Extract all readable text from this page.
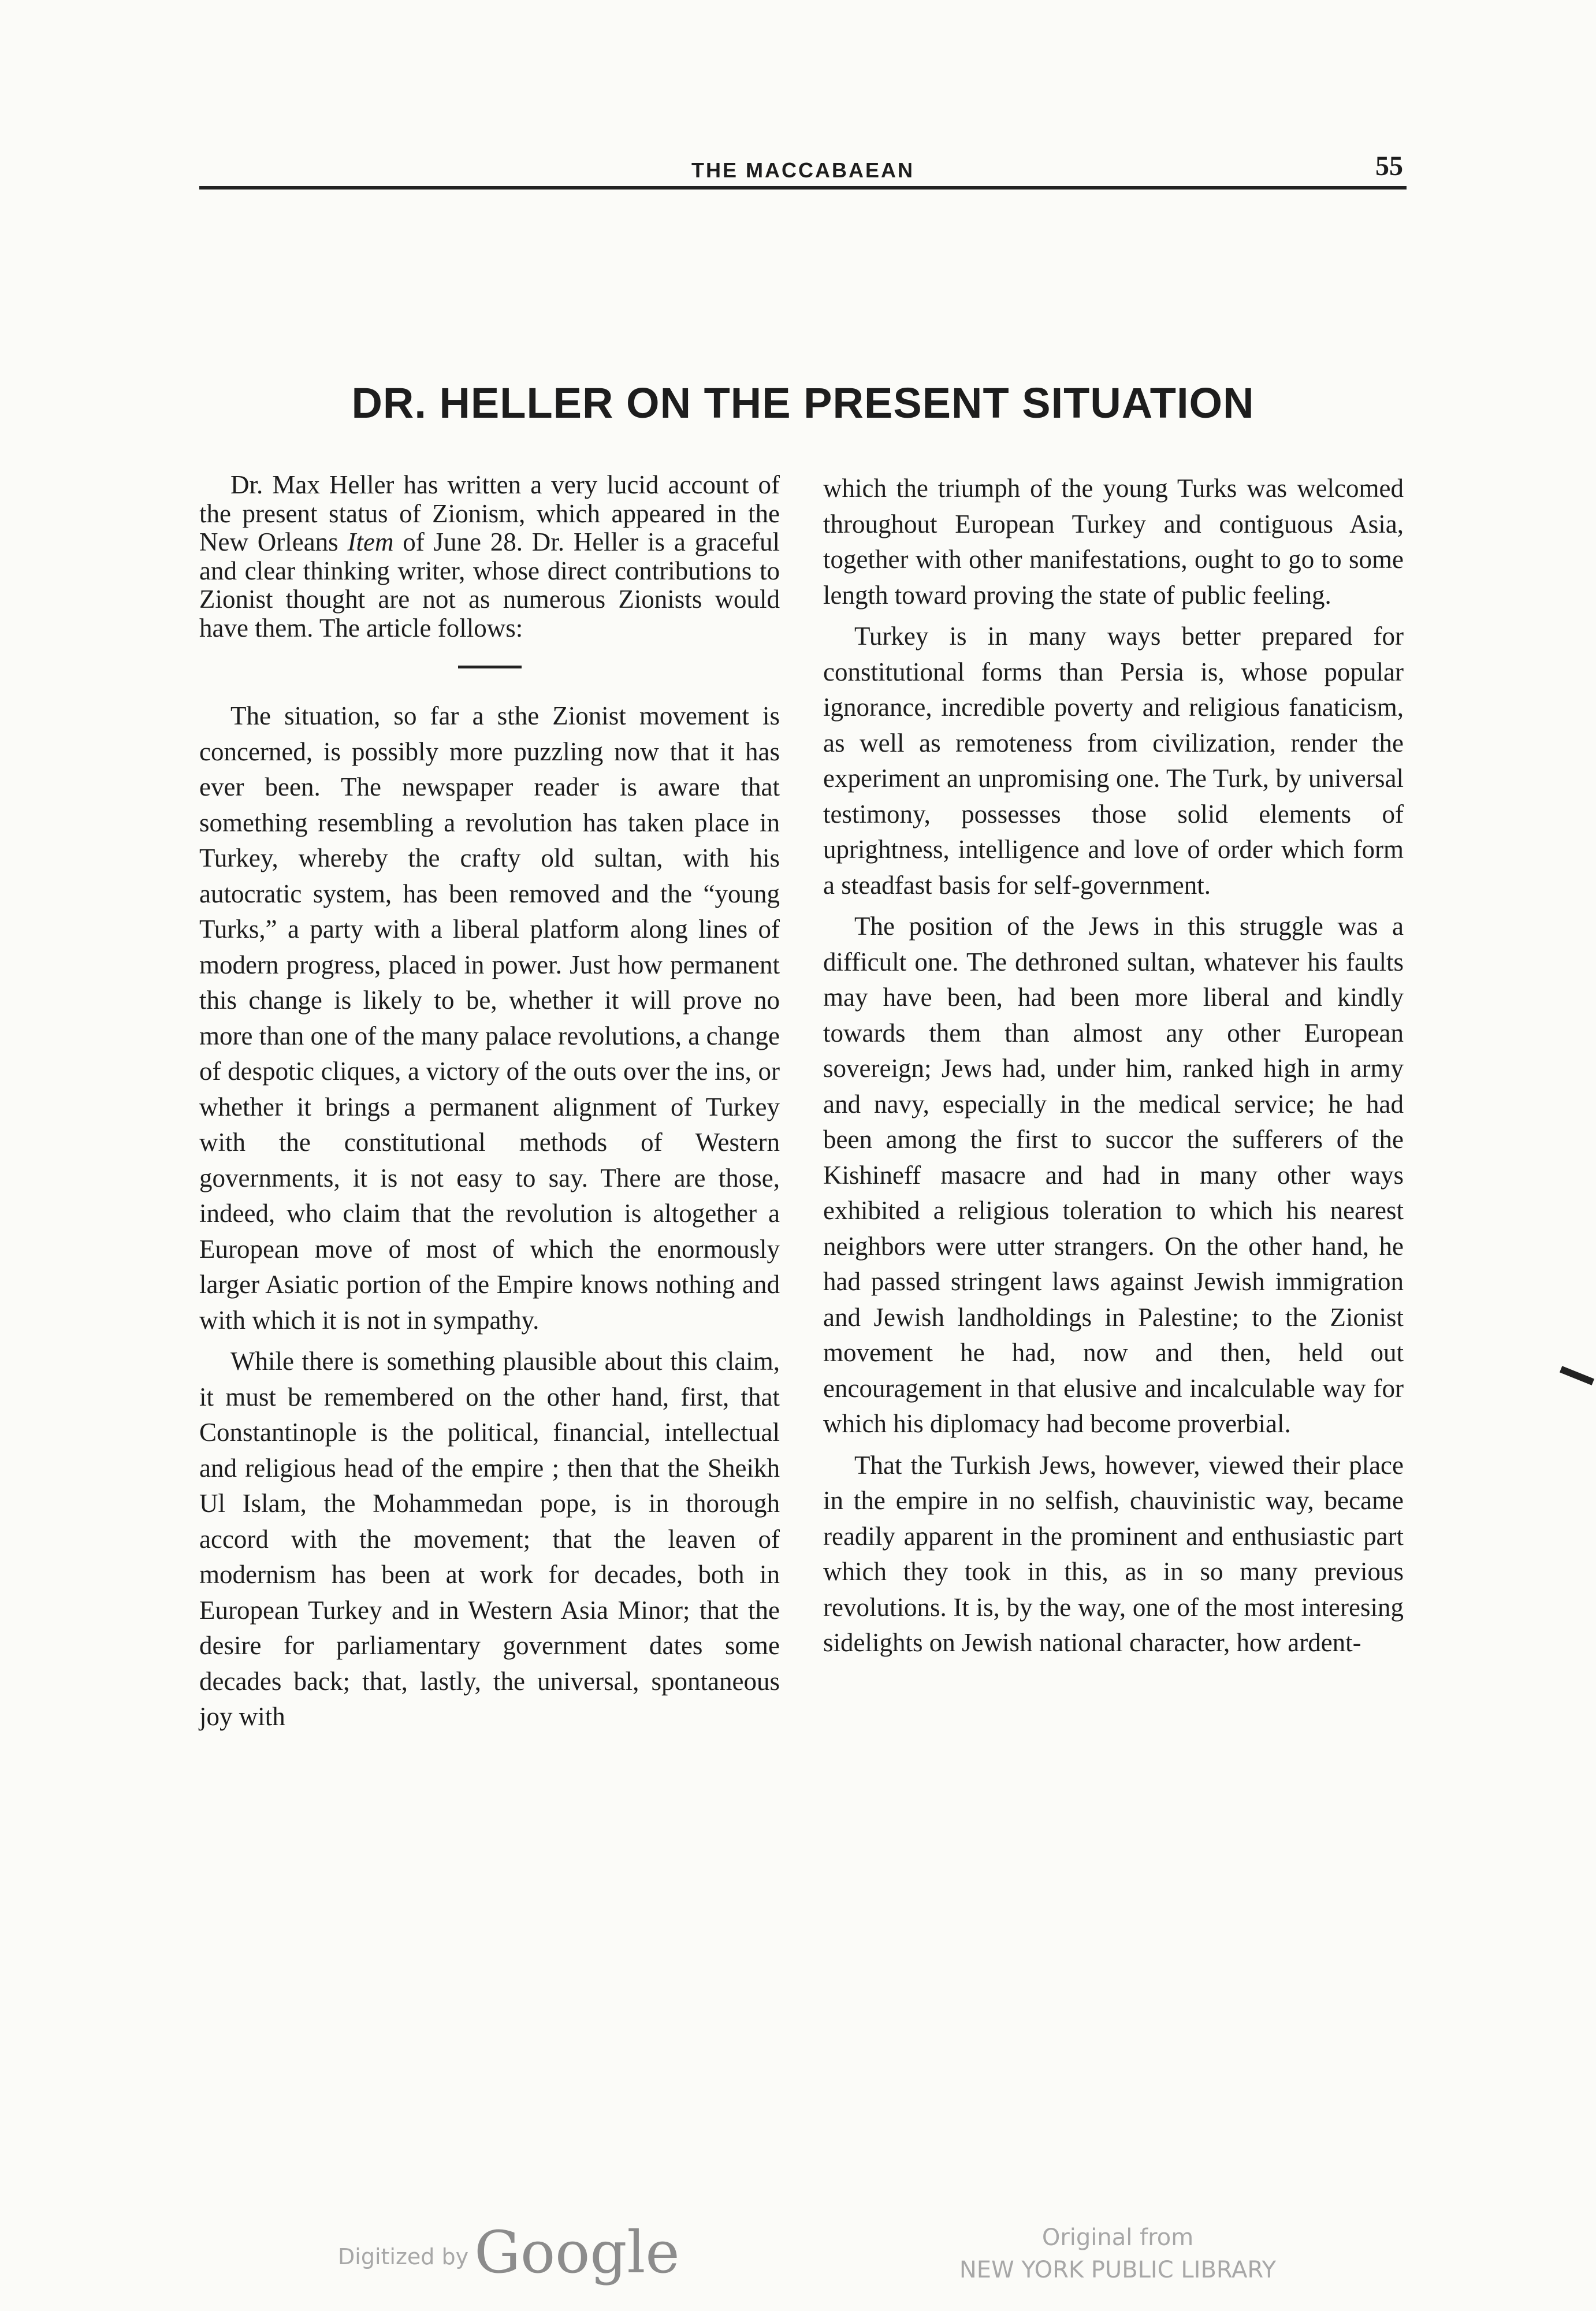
THE MACCABAEAN	55
DR. HELLER ON THE PRESENT SITUATION

Dr. Max Heller has written a very lucid account of the present status of Zionism, which appeared in the New Orleans Item of June 28. Dr. Heller is a graceful and clear thinking writer, whose direct contributions to Zionist thought are not as numerous Zionists would have them. The article follows:

The situation, so far a sthe Zionist movement is concerned, is possibly more puzzling now that it has ever been. The newspaper reader is aware that something resembling a revolution has taken place in Turkey, whereby the crafty old sultan, with his autocratic system, has been removed and the “young Turks,” a party with a liberal platform along lines of modern progress, placed in power. Just how permanent this change is likely to be, whether it will prove no more than one of the many palace revolutions, a change of despotic cliques, a victory of the outs over the ins, or whether it brings a permanent alignment of Turkey with the constitutional methods of Western governments, it is not easy to say. There are those, indeed, who claim that the revolution is altogether a European move of most of which the enormously larger Asiatic portion of the Empire knows nothing and with which it is not in sympathy.

While there is something plausible about this claim, it must be remembered on the other hand, first, that Constantinople is the political, financial, intellectual and religious head of the empire ; then that the Sheikh Ul Islam, the Mohammedan pope, is in thorough accord with the movement; that the leaven of modernism has been at work for decades, both in European Turkey and in Western Asia Minor; that the desire for parliamentary government dates some decades back; that, lastly, the universal, spontaneous joy with

which the triumph of the young Turks was welcomed throughout European Turkey and contiguous Asia, together with other manifestations, ought to go to some length toward proving the state of public feeling.

Turkey is in many ways better prepared for constitutional forms than Persia is, whose popular ignorance, incredible poverty and religious fanaticism, as well as remoteness from civilization, render the experiment an unpromising one. The Turk, by universal testimony, possesses those solid elements of uprightness, intelligence and love of order which form a steadfast basis for self-government.

The position of the Jews in this struggle was a difficult one. The dethroned sultan, whatever his faults may have been, had been more liberal and kindly towards them than almost any other European sovereign; Jews had, under him, ranked high in army and navy, especially in the medical service; he had been among the first to succor the sufferers of the Kishineff masacre and had in many other ways exhibited a religious toleration to which his nearest neighbors were utter strangers. On the other hand, he had passed stringent laws against Jewish immigration and Jewish landholdings in Palestine; to the Zionist movement he had, now and then, held out encouragement in that elusive and incalculable way for which his diplomacy had become proverbial.

That the Turkish Jews, however, viewed their place in the empire in no selfish, chauvinistic way, became readily apparent in the prominent and enthusiastic part which they took in this, as in so many previous revolutions. It is, by the way, one of the most interesing sidelights on Jewish national character, how ardent-

Digitized by Google	Original from
NEW YORK PUBLIC LIBRARY
